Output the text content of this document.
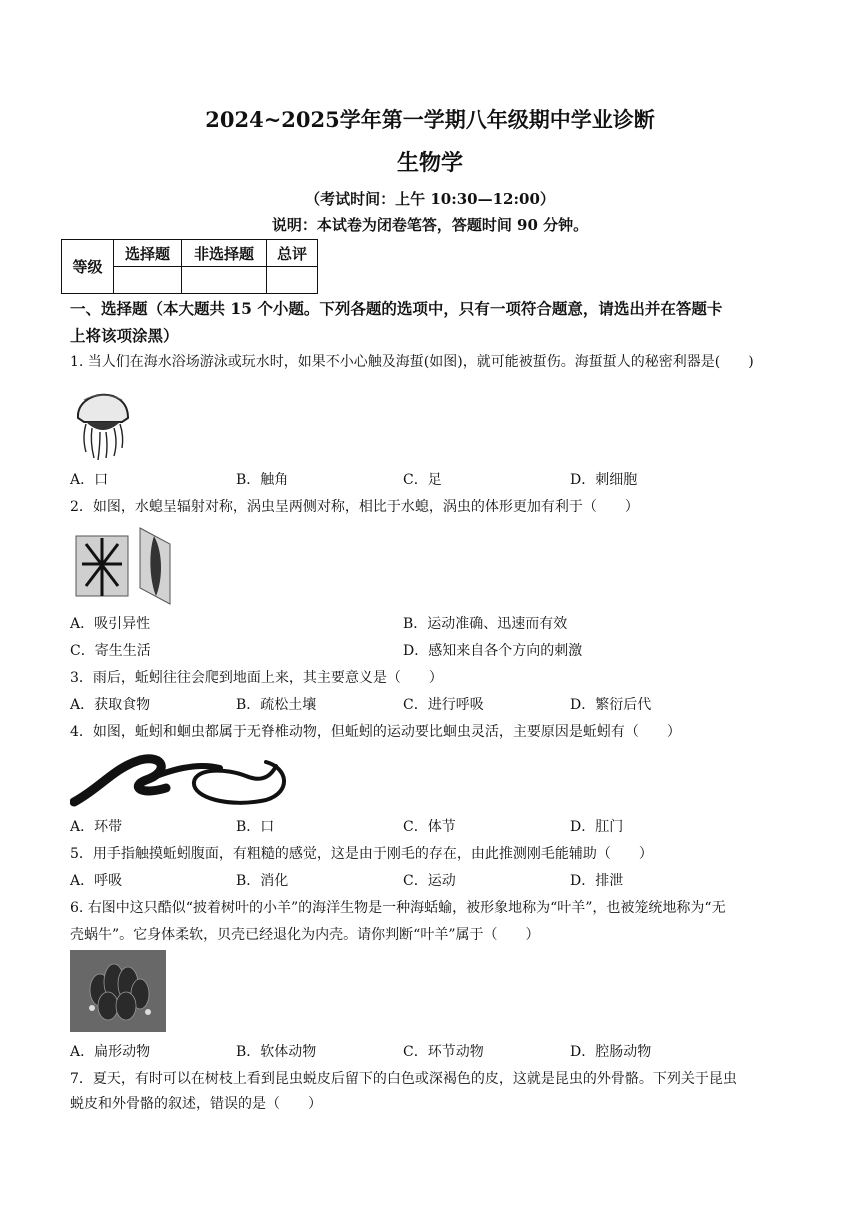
2024~2025学年第一学期八年级期中学业诊断
生物学
（考试时间：上午 10:30—12:00）
说明：本试卷为闭卷笔答，答题时间 90 分钟。
等级	选择题	非选择题	总评

一、选择题（本大题共 15 个小题。下列各题的选项中，只有一项符合题意，请选出并在答题卡
上将该项涂黑）
1. 当人们在海水浴场游泳或玩水时，如果不小心触及海蜇(如图)，就可能被蜇伤。海蜇蜇人的秘密利器是(　　)
A．口	B．触角	C．足	D．刺细胞
2．如图，水螅呈辐射对称，涡虫呈两侧对称，相比于水螅，涡虫的体形更加有利于（　　）
A．吸引异性	B．运动准确、迅速而有效
C．寄生生活	D．感知来自各个方向的刺激
3．雨后，蚯蚓往往会爬到地面上来，其主要意义是（　　）
A．获取食物	B．疏松土壤	C．进行呼吸	D．繁衍后代
4．如图，蚯蚓和蛔虫都属于无脊椎动物，但蚯蚓的运动要比蛔虫灵活，主要原因是蚯蚓有（　　）
A．环带	B．口	C．体节	D．肛门
5．用手指触摸蚯蚓腹面，有粗糙的感觉，这是由于刚毛的存在，由此推测刚毛能辅助（　　）
A．呼吸	B．消化	C．运动	D．排泄
6. 右图中这只酷似“披着树叶的小羊”的海洋生物是一种海蛞蝓，被形象地称为“叶羊”，也被笼统地称为“无
壳蜗牛”。它身体柔软，贝壳已经退化为内壳。请你判断“叶羊”属于（　　）
A．扁形动物	B．软体动物	C．环节动物	D．腔肠动物
7．夏天，有时可以在树枝上看到昆虫蜕皮后留下的白色或深褐色的皮，这就是昆虫的外骨骼。下列关于昆虫
蜕皮和外骨骼的叙述，错误的是（　　）
